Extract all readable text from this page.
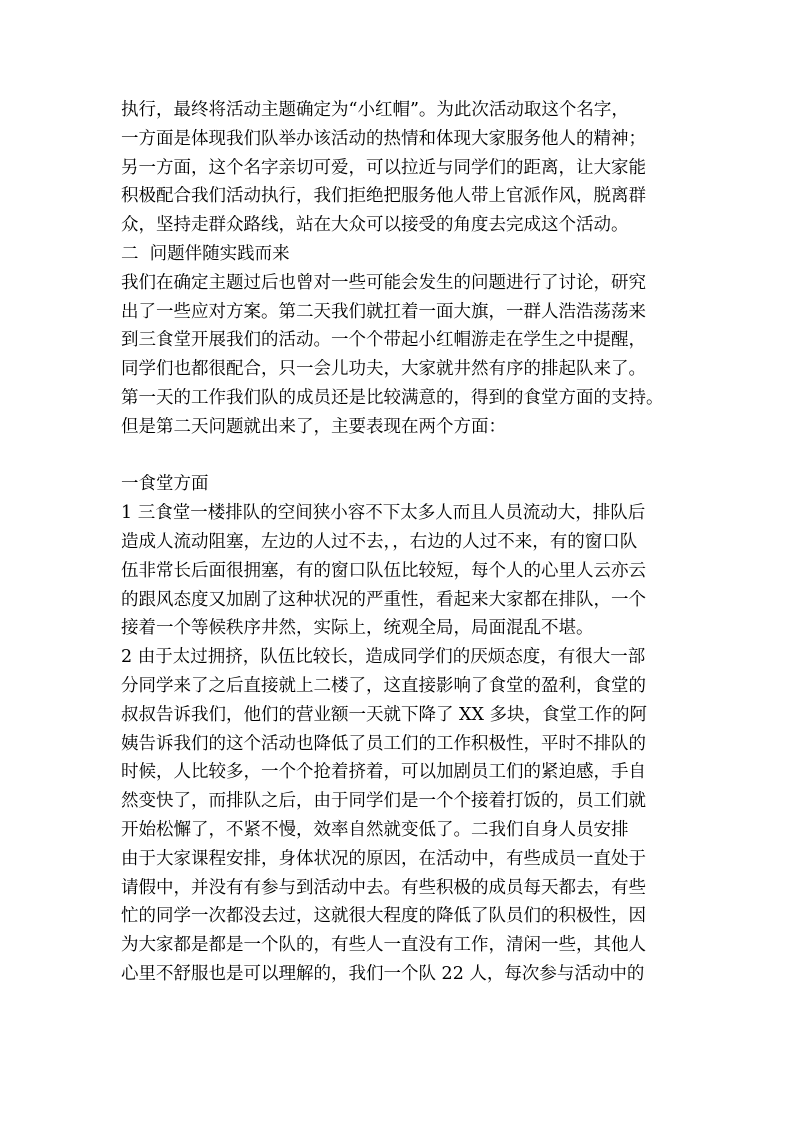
执行，最终将活动主题确定为“小红帽”。为此次活动取这个名字，
一方面是体现我们队举办该活动的热情和体现大家服务他人的精神；
另一方面，这个名字亲切可爱，可以拉近与同学们的距离，让大家能
积极配合我们活动执行，我们拒绝把服务他人带上官派作风，脱离群
众，坚持走群众路线，站在大众可以接受的角度去完成这个活动。
二  问题伴随实践而来
我们在确定主题过后也曾对一些可能会发生的问题进行了讨论，研究
出了一些应对方案。第二天我们就扛着一面大旗，一群人浩浩荡荡来
到三食堂开展我们的活动。一个个带起小红帽游走在学生之中提醒，
同学们也都很配合，只一会儿功夫，大家就井然有序的排起队来了。
第一天的工作我们队的成员还是比较满意的，得到的食堂方面的支持。
但是第二天问题就出来了，主要表现在两个方面：
一食堂方面
1 三食堂一楼排队的空间狭小容不下太多人而且人员流动大，排队后
造成人流动阻塞，左边的人过不去，，右边的人过不来，有的窗口队
伍非常长后面很拥塞，有的窗口队伍比较短，每个人的心里人云亦云
的跟风态度又加剧了这种状况的严重性，看起来大家都在排队，一个
接着一个等候秩序井然，实际上，统观全局，局面混乱不堪。
2 由于太过拥挤，队伍比较长，造成同学们的厌烦态度，有很大一部
分同学来了之后直接就上二楼了，这直接影响了食堂的盈利，食堂的
叔叔告诉我们，他们的营业额一天就下降了 XX 多块，食堂工作的阿
姨告诉我们的这个活动也降低了员工们的工作积极性，平时不排队的
时候，人比较多，一个个抢着挤着，可以加剧员工们的紧迫感，手自
然变快了，而排队之后，由于同学们是一个个接着打饭的，员工们就
开始松懈了，不紧不慢，效率自然就变低了。二我们自身人员安排
由于大家课程安排，身体状况的原因，在活动中，有些成员一直处于
请假中，并没有有参与到活动中去。有些积极的成员每天都去，有些
忙的同学一次都没去过，这就很大程度的降低了队员们的积极性，因
为大家都是都是一个队的，有些人一直没有工作，清闲一些，其他人
心里不舒服也是可以理解的，我们一个队 22 人，每次参与活动中的
